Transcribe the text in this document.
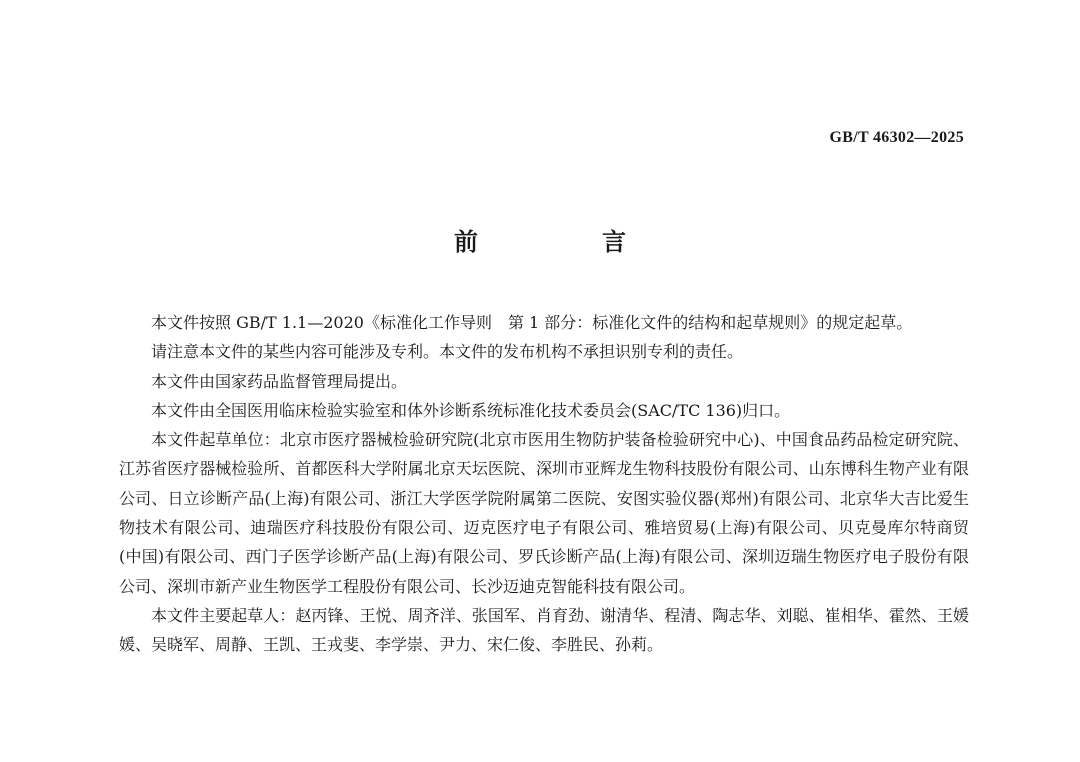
GB/T 46302—2025
前　言

本文件按照 GB/T 1.1—2020《标准化工作导则　第 1 部分：标准化文件的结构和起草规则》的规定起草。

请注意本文件的某些内容可能涉及专利。本文件的发布机构不承担识别专利的责任。

本文件由国家药品监督管理局提出。

本文件由全国医用临床检验实验室和体外诊断系统标准化技术委员会(SAC/TC 136)归口。

本文件起草单位：北京市医疗器械检验研究院(北京市医用生物防护装备检验研究中心)、中国食品药品检定研究院、江苏省医疗器械检验所、首都医科大学附属北京天坛医院、深圳市亚辉龙生物科技股份有限公司、山东博科生物产业有限公司、日立诊断产品(上海)有限公司、浙江大学医学院附属第二医院、安图实验仪器(郑州)有限公司、北京华大吉比爱生物技术有限公司、迪瑞医疗科技股份有限公司、迈克医疗电子有限公司、雅培贸易(上海)有限公司、贝克曼库尔特商贸(中国)有限公司、西门子医学诊断产品(上海)有限公司、罗氏诊断产品(上海)有限公司、深圳迈瑞生物医疗电子股份有限公司、深圳市新产业生物医学工程股份有限公司、长沙迈迪克智能科技有限公司。

本文件主要起草人：赵丙锋、王悦、周齐洋、张国军、肖育劲、谢清华、程清、陶志华、刘聪、崔相华、霍然、王媛媛、吴晓军、周静、王凯、王戎斐、李学崇、尹力、宋仁俊、李胜民、孙莉。
